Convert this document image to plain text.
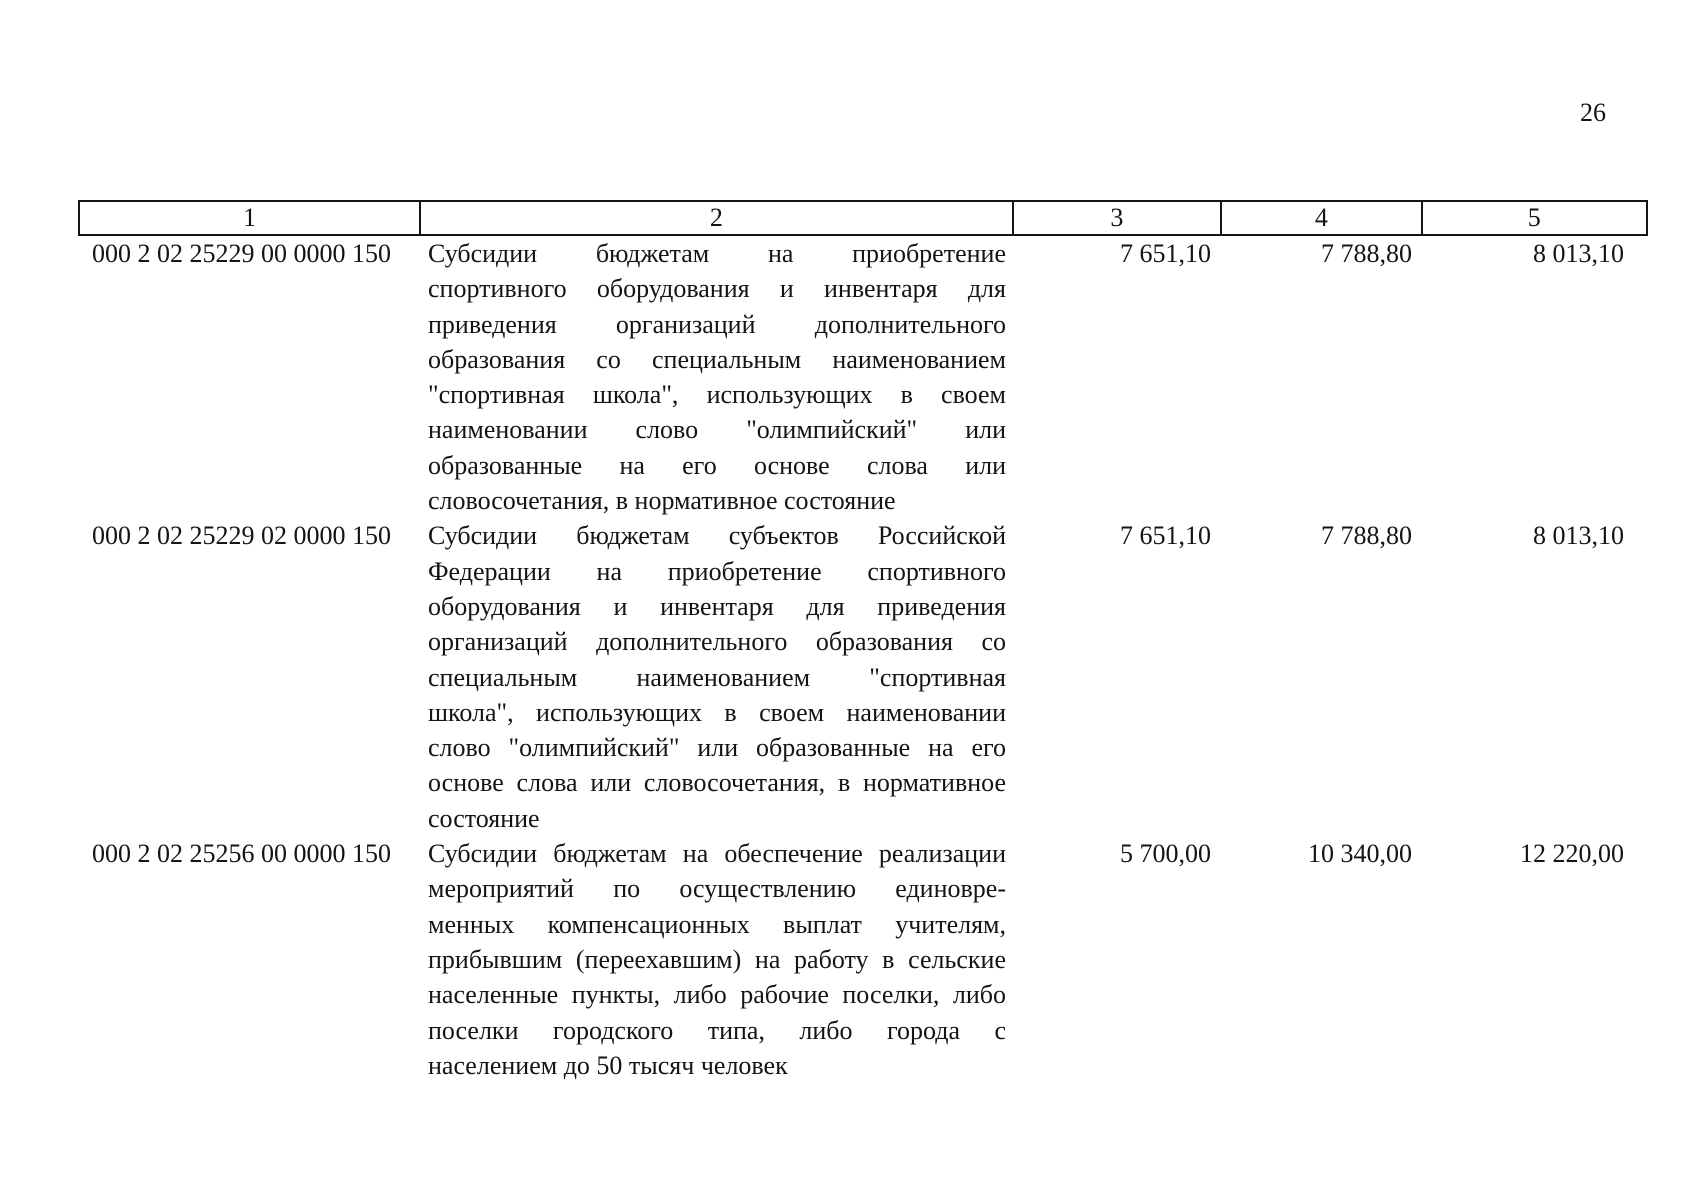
26
1	2	3	4	5
000 2 02 25229 00 0000 150	Субсидии бюджетам на приобретение
спортивного оборудования и инвентаря для
приведения организаций дополнительного
образования со специальным наименованием
"спортивная школа", использующих в своем
наименовании слово "олимпийский" или
образованные на его основе слова или
словосочетания, в нормативное состояние
7 651,10	7 788,80	8 013,10
000 2 02 25229 02 0000 150	Субсидии бюджетам субъектов Российской
Федерации на приобретение спортивного
оборудования и инвентаря для приведения
организаций дополнительного образования со
специальным наименованием "спортивная
школа", использующих в своем наименовании
слово "олимпийский" или образованные на его
основе слова или словосочетания, в нормативное
состояние
7 651,10	7 788,80	8 013,10
000 2 02 25256 00 0000 150	Субсидии бюджетам на обеспечение реализации
мероприятий по осуществлению единовре-
менных компенсационных выплат учителям,
прибывшим (переехавшим) на работу в сельские
населенные пункты, либо рабочие поселки, либо
поселки городского типа, либо города с
населением до 50 тысяч человек
5 700,00	10 340,00	12 220,00
